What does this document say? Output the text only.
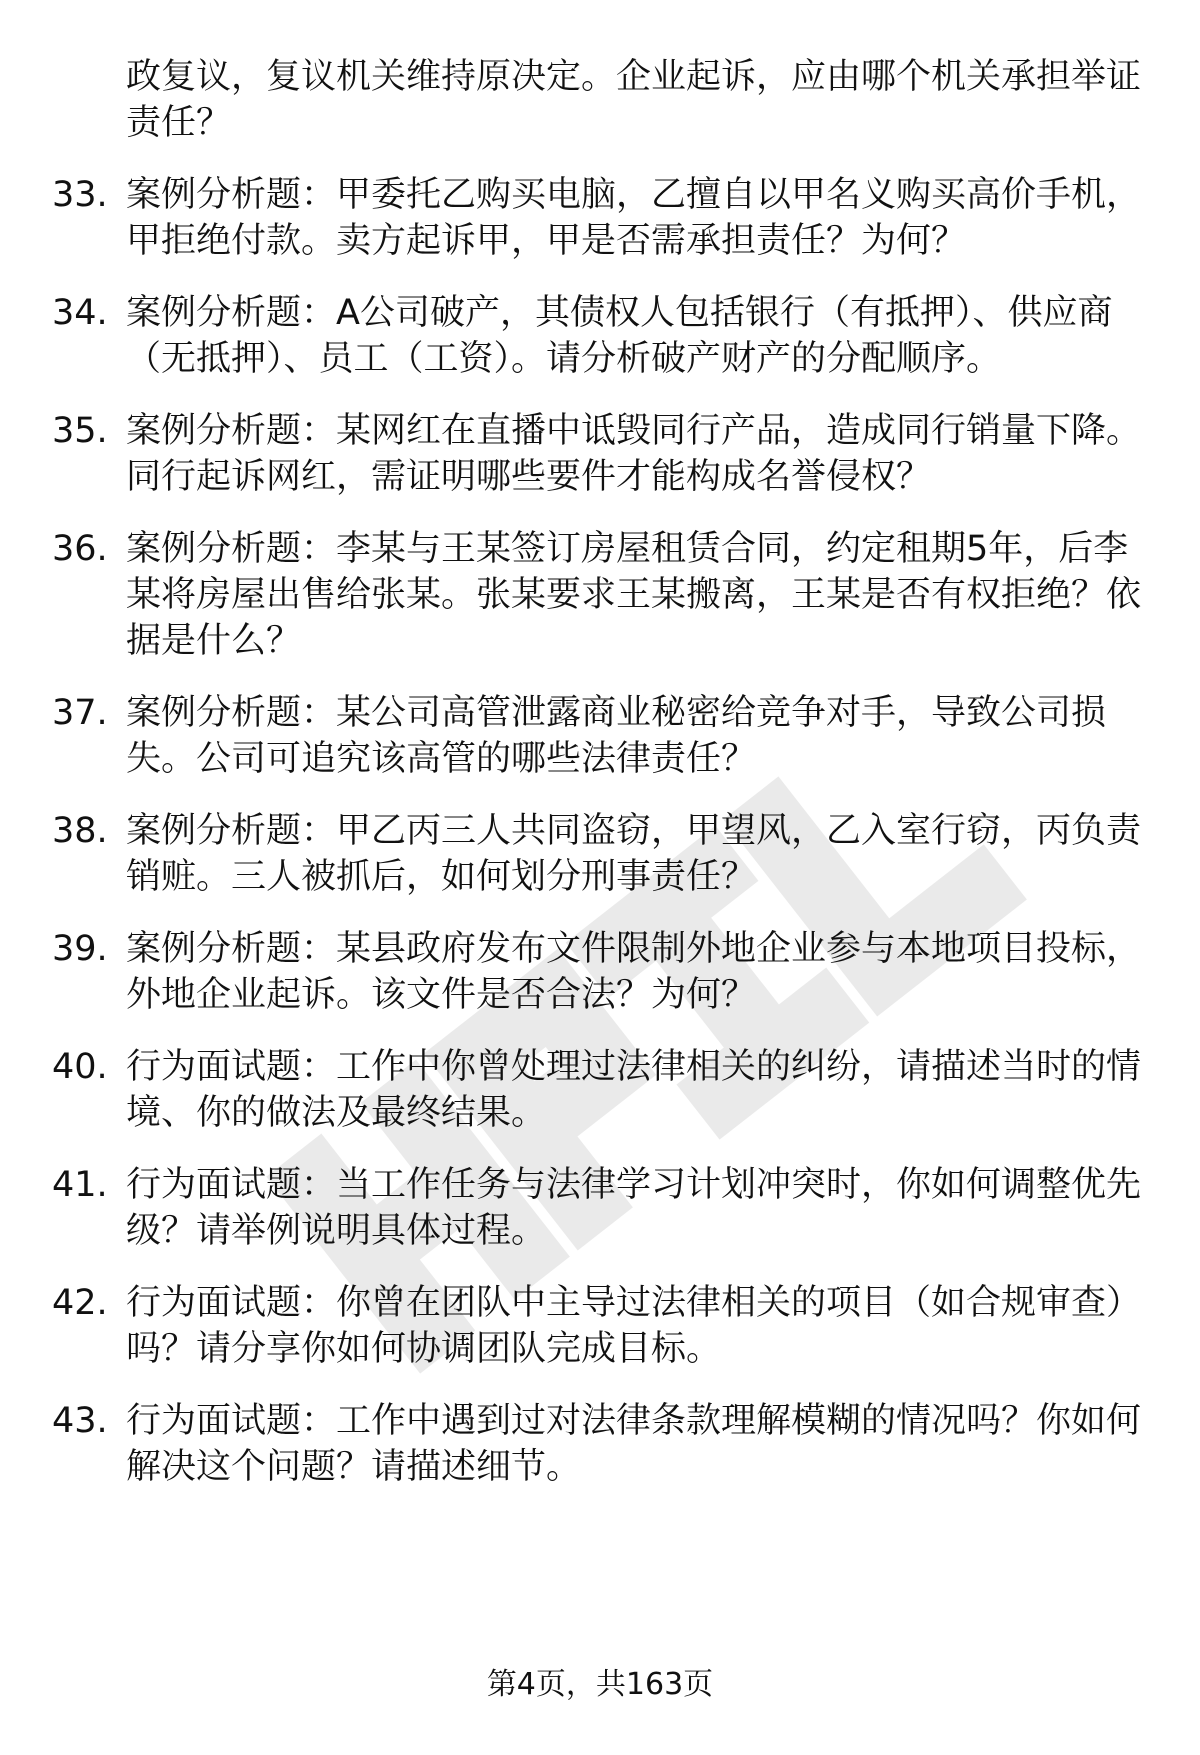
政复议，复议机关维持原决定。企业起诉，应由哪个机关承担举证责任？
33. 案例分析题：甲委托乙购买电脑，乙擅自以甲名义购买高价手机，甲拒绝付款。卖方起诉甲，甲是否需承担责任？为何？
34. 案例分析题：A公司破产，其债权人包括银行（有抵押）、供应商（无抵押）、员工（工资）。请分析破产财产的分配顺序。
35. 案例分析题：某网红在直播中诋毁同行产品，造成同行销量下降。同行起诉网红，需证明哪些要件才能构成名誉侵权？
36. 案例分析题：李某与王某签订房屋租赁合同，约定租期5年，后李某将房屋出售给张某。张某要求王某搬离，王某是否有权拒绝？依据是什么？
37. 案例分析题：某公司高管泄露商业秘密给竞争对手，导致公司损失。公司可追究该高管的哪些法律责任？
38. 案例分析题：甲乙丙三人共同盗窃，甲望风，乙入室行窃，丙负责销赃。三人被抓后，如何划分刑事责任？
39. 案例分析题：某县政府发布文件限制外地企业参与本地项目投标，外地企业起诉。该文件是否合法？为何？
40. 行为面试题：工作中你曾处理过法律相关的纠纷，请描述当时的情境、你的做法及最终结果。
41. 行为面试题：当工作任务与法律学习计划冲突时，你如何调整优先级？请举例说明具体过程。
42. 行为面试题：你曾在团队中主导过法律相关的项目（如合规审查）吗？请分享你如何协调团队完成目标。
43. 行为面试题：工作中遇到过对法律条款理解模糊的情况吗？你如何解决这个问题？请描述细节。
第4页，共163页
